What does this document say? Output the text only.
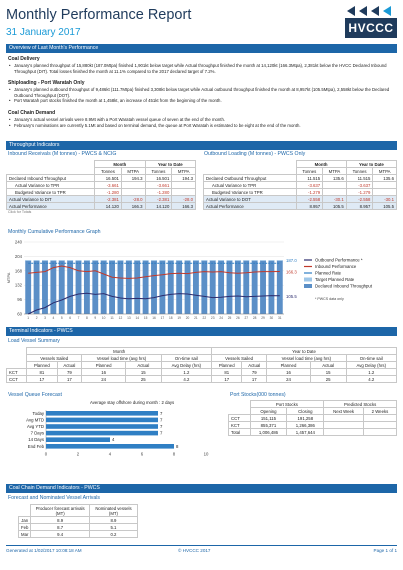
Monthly Performance Report
31 January 2017	HVCCC
Overview of Last Month's Performance
Coal Delivery
• January's planned throughput of 15,880kt (187.0Mtpa) finished 1,901kt below target while Actual throughput finished the month at 14,120kt (166.3Mtpa), 2,381kt below the HVCC Declared Inbound Throughput (DIT). Total losses finished the month at 11.1% compared to the 2017 declared target of 7.2%.
Shiploading - Port Waratah Only
• January's planned outbound throughput of 9,486kt (111.7Mtpa) finished 3,308kt below target while Actual outbound throughput finished the month at 8,957kt (105.5Mtpa), 2,558kt below the Declared Outbound Throughput (DOT).
• Port Waratah port stocks finished the month at 1,458kt, an increase of 451kt from the beginning of the month.
Coal Chain Demand
• January's actual vessel arrivals were 8.9Mt with a Port Waratah vessel queue of seven at the end of the month.
• February's nominations are currently 5.1Mt and based on terminal demand, the queue at Port Waratah is estimated to be eight at the end of the month.
Throughput Indicators
Inbound Receivals (M tonnes) - PWCS & NCIG	Outbound Loading (M tonnes) - PWCS Only
	Month		Year to Date	
	Tonnes	MTPA	Tonnes	MTPA
Declared Inbound Throughput	16.501	194.3	16.501	194.3
Actual Variance to TPR	-3.661		-3.661	
Budgeted Variance to TPR	-1.280		-1.280	
Actual Variance to DIT	-2.381	-28.0	-2.381	-28.0
Actual Performance	14.120	166.3	14.120	166.3
Click for Totals
	Month		Year to Date	
	Tonnes	MTPA	Tonnes	MTPA
Declared Outbound Throughput	11.515	135.6	11.515	135.6
Actual Variance to TPR	-3.637		-3.637	
Budgeted Variance to TPR	-1.279		-1.279	
Actual Variance to DOT	-2.558	-30.1	-2.558	-30.1
Actual Performance	8.957	105.5	8.957	105.5
Monthly Cumulative Performance Graph
60
96
132
168
204
240
MTPA
1 2 3 4 5 6 7 8 9 10 11 12 13 14 15 16 17 18 19 20 21 22 23 24 25 26 27 28 29 30 31
187.0
166.3
105.5
Outbound Performance *
Inbound Performance
Planned Rate
Target Planned Rate
Declared Inbound Throughput
* PWCS data only
Terminal Indicators - PWCS
Load Vessel Summary
	Month					Year to Date				
	Vessels Sailed		Vessel load time (avg hrs)		On-time sail	Vessels Sailed		Vessel load time (avg hrs)		On-time sail
	Planned	Actual	Planned	Actual	Avg Delay (hrs)	Planned	Actual	Planned	Actual	Avg Delay (hrs)
KCT	81	79	16	15	1.2	81	79	16	15	1.2
CCT	17	17	24	25	4.2	17	17	24	25	4.2
Vessel Queue Forecast
Average stay offshore during month : 2 days
0	2	4	6	8	10
Today	7
Avg MTD	7
Avg YTD	7
7 Days	7
14 Days	4
End Feb	8
Port Stocks(000 tonnes)
	Port Stocks		Predicted Stocks	
	Opening	Closing	Next Week	2 Weeks
CCT	151,115	191,258		
KCT	855,371	1,266,386		
Total	1,006,486	1,457,644		
Coal Chain Demand Indicators - PWCS
Forecast and Nominated Vessel Arrivals
	Producer forecast arrivals (MT)	Nominated vessels (MT)
Jan	8.9	8.9
Feb	8.7	5.1
Mar	9.4	0.2
Generated at 1/02/2017 10:08:18 AM	© HVCCC 2017	Page 1 of 1
